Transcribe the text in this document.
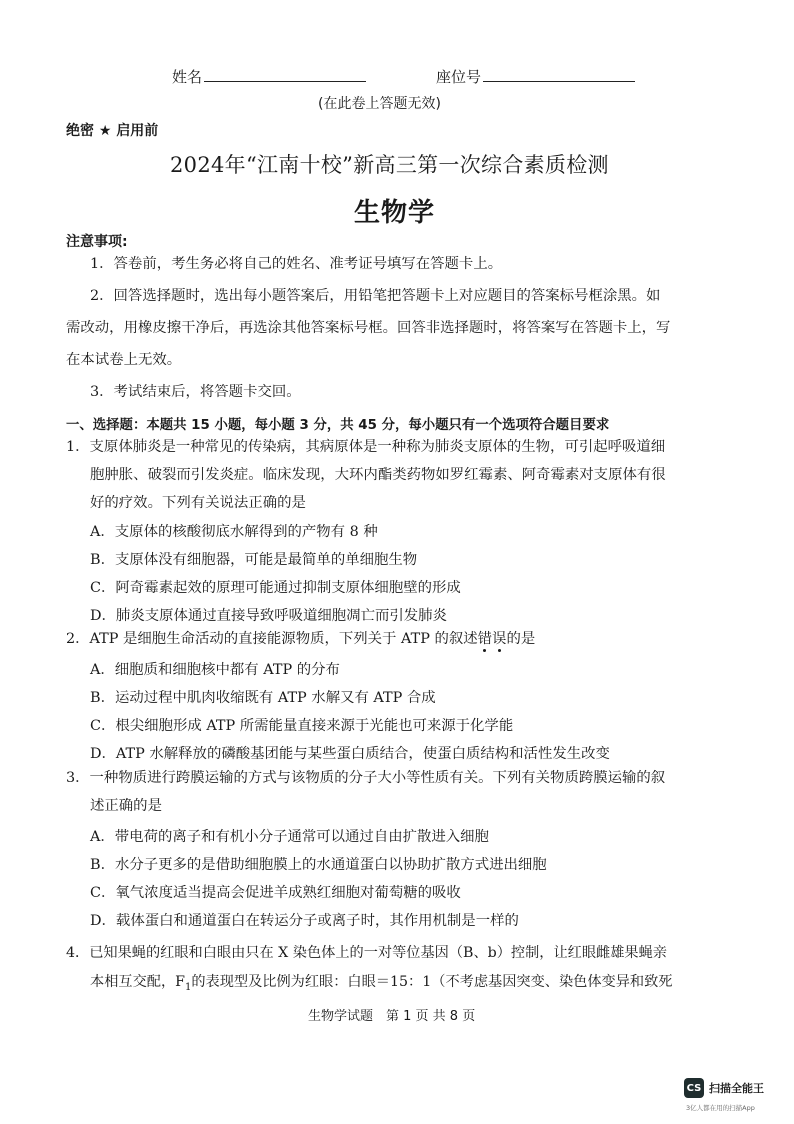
姓名	座位号
(在此卷上答题无效)
绝密 ★ 启用前
2024年“江南十校”新高三第一次综合素质检测
生物学
注意事项:
1．答卷前，考生务必将自己的姓名、准考证号填写在答题卡上。
2．回答选择题时，选出每小题答案后，用铅笔把答题卡上对应题目的答案标号框涂黑。如
需改动，用橡皮擦干净后，再选涂其他答案标号框。回答非选择题时，将答案写在答题卡上，写
在本试卷上无效。
3．考试结束后，将答题卡交回。
一、选择题：本题共 15 小题，每小题 3 分，共 45 分，每小题只有一个选项符合题目要求
1．支原体肺炎是一种常见的传染病，其病原体是一种称为肺炎支原体的生物，可引起呼吸道细
胞肿胀、破裂而引发炎症。临床发现，大环内酯类药物如罗红霉素、阿奇霉素对支原体有很
好的疗效。下列有关说法正确的是
A．支原体的核酸彻底水解得到的产物有 8 种
B．支原体没有细胞器，可能是最简单的单细胞生物
C．阿奇霉素起效的原理可能通过抑制支原体细胞壁的形成
D．肺炎支原体通过直接导致呼吸道细胞凋亡而引发肺炎
2．ATP 是细胞生命活动的直接能源物质，下列关于 ATP 的叙述错误的是
A．细胞质和细胞核中都有 ATP 的分布
B．运动过程中肌肉收缩既有 ATP 水解又有 ATP 合成
C．根尖细胞形成 ATP 所需能量直接来源于光能也可来源于化学能
D．ATP 水解释放的磷酸基团能与某些蛋白质结合，使蛋白质结构和活性发生改变
3．一种物质进行跨膜运输的方式与该物质的分子大小等性质有关。下列有关物质跨膜运输的叙
述正确的是
A．带电荷的离子和有机小分子通常可以通过自由扩散进入细胞
B．水分子更多的是借助细胞膜上的水通道蛋白以协助扩散方式进出细胞
C．氧气浓度适当提高会促进羊成熟红细胞对葡萄糖的吸收
D．载体蛋白和通道蛋白在转运分子或离子时，其作用机制是一样的
4．已知果蝇的红眼和白眼由只在 X 染色体上的一对等位基因（B、b）控制，让红眼雌雄果蝇亲
本相互交配，$F_1$的表现型及比例为红眼：白眼＝15：1（不考虑基因突变、染色体变异和致死
生物学试题　第 1 页 共 8 页
CS 扫描全能王
3亿人都在用的扫描App
